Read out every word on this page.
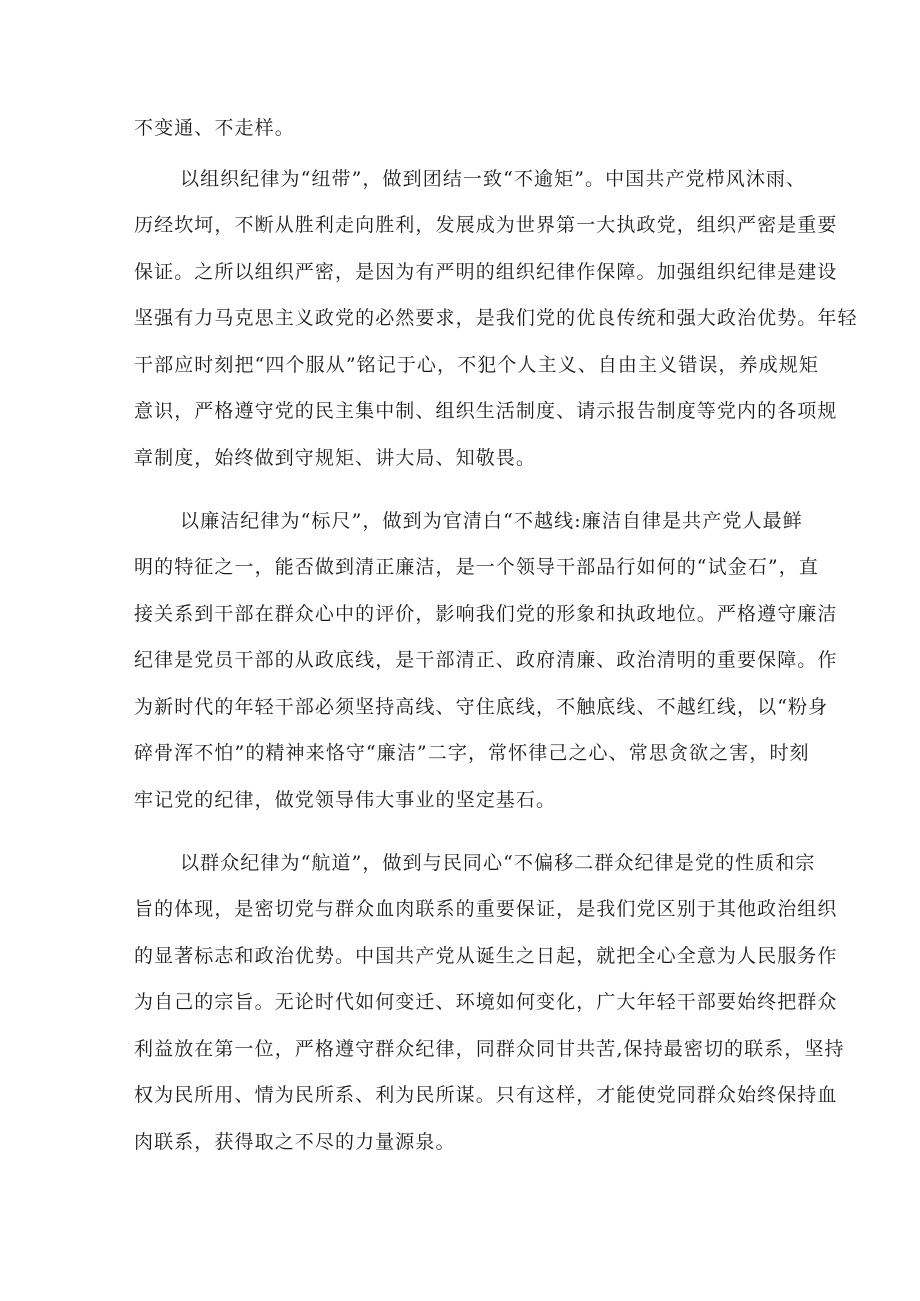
不变通、不走样。
以组织纪律为“纽带”，做到团结一致“不逾矩”。中国共产党栉风沐雨、
历经坎坷，不断从胜利走向胜利，发展成为世界第一大执政党，组织严密是重要
保证。之所以组织严密，是因为有严明的组织纪律作保障。加强组织纪律是建设
坚强有力马克思主义政党的必然要求，是我们党的优良传统和强大政治优势。年轻
干部应时刻把“四个服从”铭记于心，不犯个人主义、自由主义错误，养成规矩
意识，严格遵守党的民主集中制、组织生活制度、请示报告制度等党内的各项规
章制度，始终做到守规矩、讲大局、知敬畏。
以廉洁纪律为“标尺”，做到为官清白“不越线:廉洁自律是共产党人最鲜
明的特征之一，能否做到清正廉洁，是一个领导干部品行如何的“试金石”，直
接关系到干部在群众心中的评价，影响我们党的形象和执政地位。严格遵守廉洁
纪律是党员干部的从政底线，是干部清正、政府清廉、政治清明的重要保障。作
为新时代的年轻干部必须坚持高线、守住底线，不触底线、不越红线，以“粉身
碎骨浑不怕”的精神来恪守“廉洁”二字，常怀律己之心、常思贪欲之害，时刻
牢记党的纪律，做党领导伟大事业的坚定基石。
以群众纪律为“航道”，做到与民同心“不偏移二群众纪律是党的性质和宗
旨的体现，是密切党与群众血肉联系的重要保证，是我们党区别于其他政治组织
的显著标志和政治优势。中国共产党从诞生之日起，就把全心全意为人民服务作
为自己的宗旨。无论时代如何变迁、环境如何变化，广大年轻干部要始终把群众
利益放在第一位，严格遵守群众纪律，同群众同甘共苦,保持最密切的联系，坚持
权为民所用、情为民所系、利为民所谋。只有这样，才能使党同群众始终保持血
肉联系，获得取之不尽的力量源泉。
